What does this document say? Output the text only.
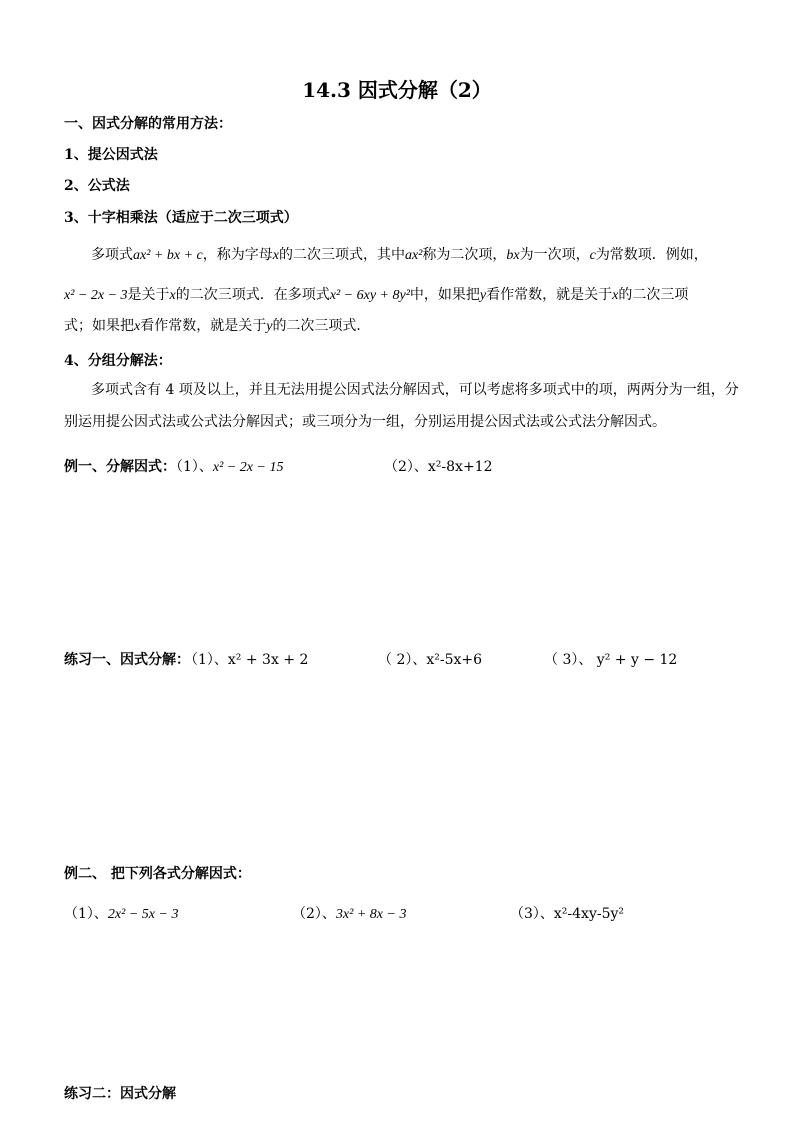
14.3 因式分解（2）
一、因式分解的常用方法：
1、提公因式法
2、公式法
3、十字相乘法（适应于二次三项式）
多项式ax² + bx + c，称为字母x的二次三项式，其中ax²称为二次项，bx为一次项，c为常数项．例如，
x² − 2x − 3是关于x的二次三项式．在多项式x² − 6xy + 8y²中，如果把y看作常数，就是关于x的二次三项
式；如果把x看作常数，就是关于y的二次三项式．
4、分组分解法：
多项式含有 4 项及以上，并且无法用提公因式法分解因式，可以考虑将多项式中的项，两两分为一组，分
别运用提公因式法或公式法分解因式；或三项分为一组，分别运用提公因式法或公式法分解因式。
例一、分解因式：（1）、x² − 2x − 15	（2）、x²-8x+12
练习一、因式分解：
（1）、x² + 3x + 2	（ 2）、x²-5x+6	（ 3）、 y² + y − 12
例二、 把下列各式分解因式：
（1）、2x² − 5x − 3	（2）、3x² + 8x − 3	（3）、x²-4xy-5y²
练习二：因式分解
